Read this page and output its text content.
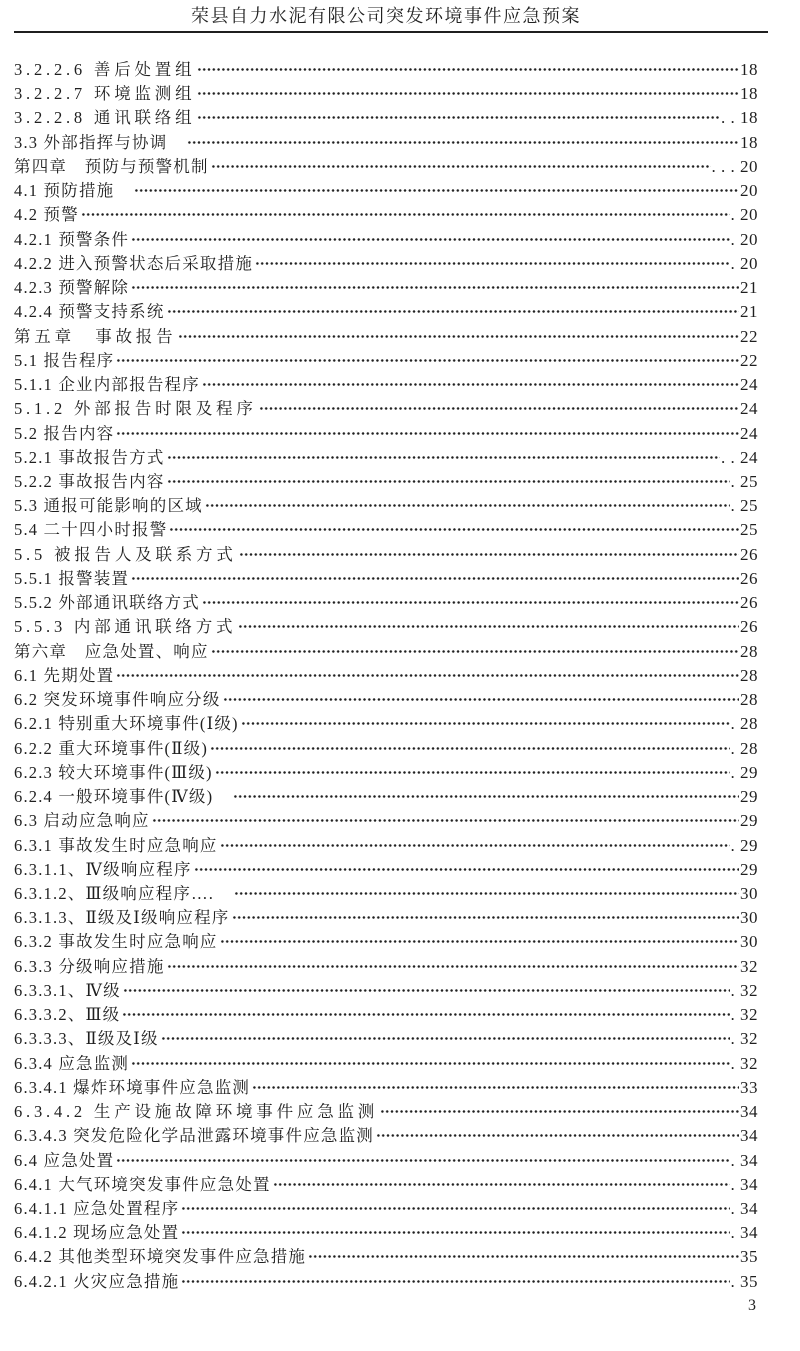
荣县自力水泥有限公司突发环境事件应急预案
3.2.2.6 善后处置组	18
3.2.2.7 环境监测组	18
3.2.2.8 通讯联络组	. . 18
3.3 外部指挥与协调　	18
第四章　预防与预警机制	. . . 20
4.1 预防措施　	20
4.2 预警	. 20
4.2.1 预警条件	. 20
4.2.2 进入预警状态后采取措施	. 20
4.2.3 预警解除	21
4.2.4 预警支持系统	21
第五章　事故报告	22
5.1 报告程序	22
5.1.1 企业内部报告程序	24
5.1.2 外部报告时限及程序	24
5.2 报告内容	24
5.2.1 事故报告方式	. . 24
5.2.2 事故报告内容	. 25
5.3 通报可能影响的区域	. 25
5.4 二十四小时报警	25
5.5 被报告人及联系方式	26
5.5.1 报警装置	26
5.5.2 外部通讯联络方式	26
5.5.3 内部通讯联络方式	26
第六章　应急处置、响应	28
6.1 先期处置	28
6.2 突发环境事件响应分级	28
6.2.1 特别重大环境事件(Ⅰ级)	. 28
6.2.2 重大环境事件(Ⅱ级)	. 28
6.2.3 较大环境事件(Ⅲ级)	. 29
6.2.4 一般环境事件(Ⅳ级)　	29
6.3 启动应急响应	29
6.3.1 事故发生时应急响应	. 29
6.3.1.1、Ⅳ级响应程序	29
6.3.1.2、Ⅲ级响应程序….　	30
6.3.1.3、Ⅱ级及Ⅰ级响应程序	30
6.3.2 事故发生时应急响应	30
6.3.3 分级响应措施	32
6.3.3.1、Ⅳ级	. 32
6.3.3.2、Ⅲ级	. 32
6.3.3.3、Ⅱ级及Ⅰ级	. 32
6.3.4 应急监测	. 32
6.3.4.1 爆炸环境事件应急监测	33
6.3.4.2 生产设施故障环境事件应急监测	34
6.3.4.3 突发危险化学品泄露环境事件应急监测	34
6.4 应急处置	. 34
6.4.1 大气环境突发事件应急处置	. 34
6.4.1.1 应急处置程序	. 34
6.4.1.2 现场应急处置	. 34
6.4.2 其他类型环境突发事件应急措施	35
6.4.2.1 火灾应急措施	. 35
3
